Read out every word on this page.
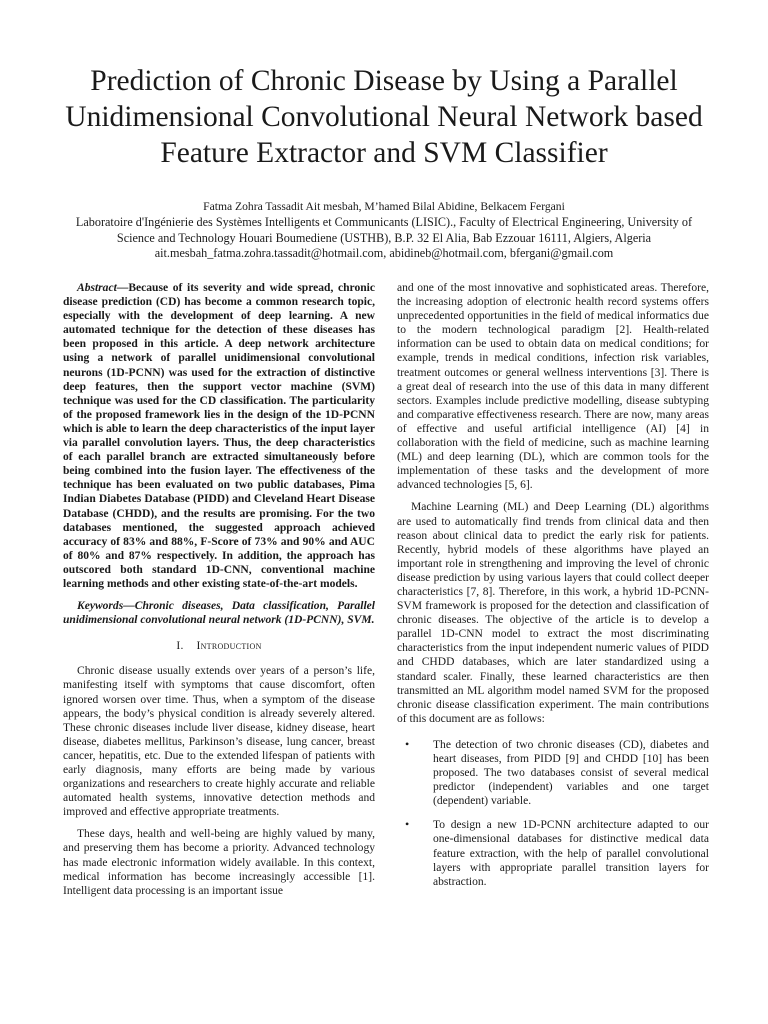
Prediction of Chronic Disease by Using a Parallel
Unidimensional Convolutional Neural Network based
Feature Extractor and SVM Classifier
Fatma Zohra Tassadit Ait mesbah, M’hamed Bilal Abidine, Belkacem Fergani
Laboratoire d'Ingénierie des Systèmes Intelligents et Communicants (LISIC)., Faculty of Electrical Engineering, University of
Science and Technology Houari Boumediene (USTHB), B.P. 32 El Alia, Bab Ezzouar 16111, Algiers, Algeria
ait.mesbah_fatma.zohra.tassadit@hotmail.com, abidineb@hotmail.com, bfergani@gmail.com

Abstract—Because of its severity and wide spread, chronic disease prediction (CD) has become a common research topic, especially with the development of deep learning. A new automated technique for the detection of these diseases has been proposed in this article. A deep network architecture using a network of parallel unidimensional convolutional neurons (1D-PCNN) was used for the extraction of distinctive deep features, then the support vector machine (SVM) technique was used for the CD classification. The particularity of the proposed framework lies in the design of the 1D-PCNN which is able to learn the deep characteristics of the input layer via parallel convolution layers. Thus, the deep characteristics of each parallel branch are extracted simultaneously before being combined into the fusion layer. The effectiveness of the technique has been evaluated on two public databases, Pima Indian Diabetes Database (PIDD) and Cleveland Heart Disease Database (CHDD), and the results are promising. For the two databases mentioned, the suggested approach achieved accuracy of 83% and 88%, F-Score of 73% and 90% and AUC of 80% and 87% respectively. In addition, the approach has outscored both standard 1D-CNN, conventional machine learning methods and other existing state-of-the-art models.

Keywords—Chronic diseases, Data classification, Parallel unidimensional convolutional neural network (1D-PCNN), SVM.

I. Introduction

Chronic disease usually extends over years of a person’s life, manifesting itself with symptoms that cause discomfort, often ignored worsen over time. Thus, when a symptom of the disease appears, the body’s physical condition is already severely altered. These chronic diseases include liver disease, kidney disease, heart disease, diabetes mellitus, Parkinson’s disease, lung cancer, breast cancer, hepatitis, etc. Due to the extended lifespan of patients with early diagnosis, many efforts are being made by various organizations and researchers to create highly accurate and reliable automated health systems, innovative detection methods and improved and effective appropriate treatments.

These days, health and well-being are highly valued by many, and preserving them has become a priority. Advanced technology has made electronic information widely available. In this context, medical information has become increasingly accessible [1]. Intelligent data processing is an important issue

and one of the most innovative and sophisticated areas. Therefore, the increasing adoption of electronic health record systems offers unprecedented opportunities in the field of medical informatics due to the modern technological paradigm [2]. Health-related information can be used to obtain data on medical conditions; for example, trends in medical conditions, infection risk variables, treatment outcomes or general wellness interventions [3]. There is a great deal of research into the use of this data in many different sectors. Examples include predictive modelling, disease subtyping and comparative effectiveness research. There are now, many areas of effective and useful artificial intelligence (AI) [4] in collaboration with the field of medicine, such as machine learning (ML) and deep learning (DL), which are common tools for the implementation of these tasks and the development of more advanced technologies [5, 6].

Machine Learning (ML) and Deep Learning (DL) algorithms are used to automatically find trends from clinical data and then reason about clinical data to predict the early risk for patients. Recently, hybrid models of these algorithms have played an important role in strengthening and improving the level of chronic disease prediction by using various layers that could collect deeper characteristics [7, 8]. Therefore, in this work, a hybrid 1D-PCNN-SVM framework is proposed for the detection and classification of chronic diseases. The objective of the article is to develop a parallel 1D-CNN model to extract the most discriminating characteristics from the input independent numeric values of PIDD and CHDD databases, which are later standardized using a standard scaler. Finally, these learned characteristics are then transmitted an ML algorithm model named SVM for the proposed chronic disease classification experiment. The main contributions of this document are as follows:

• The detection of two chronic diseases (CD), diabetes and heart diseases, from PIDD [9] and CHDD [10] has been proposed. The two databases consist of several medical predictor (independent) variables and one target (dependent) variable.
• To design a new 1D-PCNN architecture adapted to our one-dimensional databases for distinctive medical data feature extraction, with the help of parallel convolutional layers with appropriate parallel transition layers for abstraction.
